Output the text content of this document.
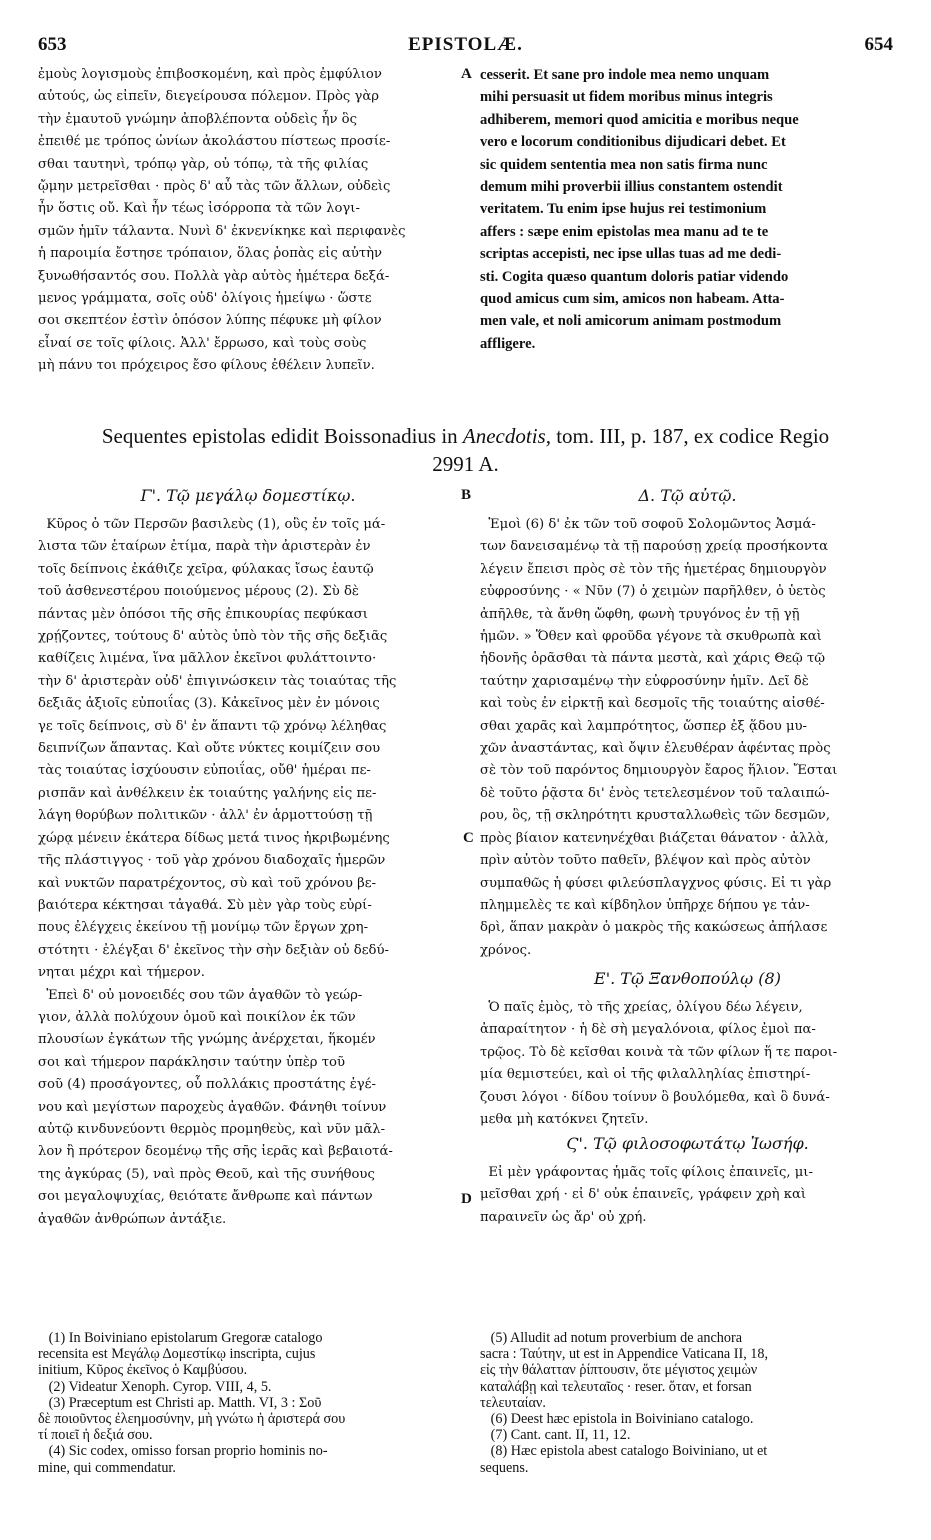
653	EPISTOLÆ.	654

ἐμοὺς λογισμοὺς ἐπιβοσκομένη, καὶ πρὸς ἐμφύλιον

αὐτούς, ὡς εἰπεῖν, διεγείρουσα πόλεμον. Πρὸς γὰρ

τὴν ἐμαυτοῦ γνώμην ἀποβλέποντα οὐδεὶς ἦν ὃς

ἐπειθέ με τρόπος ὠνίων ἀκολάστου πίστεως προσίε-

σθαι ταυτηνὶ, τρόπῳ γὰρ, οὐ τόπῳ, τὰ τῆς φιλίας

ᾤμην μετρεῖσθαι · πρὸς δ' αὖ τὰς τῶν ἄλλων, οὐδεὶς

ἦν ὅστις οὔ. Καὶ ἦν τέως ἰσόρροπα τὰ τῶν λογι-

σμῶν ἡμῖν τάλαντα. Νυνὶ δ' ἐκνενίκηκε καὶ περιφανὲς

ἡ παροιμία ἔστησε τρόπαιον, ὅλας ῥοπὰς εἰς αὐτὴν

ξυνωθήσαντός σου. Πολλὰ γὰρ αὐτὸς ἡμέτερα δεξά-

μενος γράμματα, σοῖς οὐδ' ὀλίγοις ἡμείψω · ὥστε

σοι σκεπτέον ἐστὶν ὁπόσον λύπης πέφυκε μὴ φίλον

εἶναί σε τοῖς φίλοις. Ἀλλ' ἔρρωσο, καὶ τοὺς σοὺς

μὴ πάνυ τοι πρόχειρος ἔσο φίλους ἐθέλειν λυπεῖν.

cesserit. Et sane pro indole mea nemo unquam

mihi persuasit ut fidem moribus minus integris

adhiberem, memori quod amicitia e moribus neque

vero e locorum conditionibus dijudicari debet. Et

sic quidem sententia mea non satis firma nunc

demum mihi proverbii illius constantem ostendit

veritatem. Tu enim ipse hujus rei testimonium

affers : sæpe enim epistolas mea manu ad te te

scriptas accepisti, nec ipse ullas tuas ad me dedi-

sti. Cogita quæso quantum doloris patiar videndo

quod amicus cum sim, amicos non habeam. Atta-

men vale, et noli amicorum animam postmodum

affligere.

A
Sequentes epistolas edidit Boissonadius in Anecdotis, tom. III, p. 187, ex codice Regio
2991 A.
Γ'. Τῷ μεγάλῳ δομεστίκῳ.	B	Δ. Τῷ αὐτῷ.

Κῦρος ὁ τῶν Περσῶν βασιλεὺς (1), οὓς ἐν τοῖς μά-

λιστα τῶν ἑταίρων ἐτίμα, παρὰ τὴν ἀριστερὰν ἐν

τοῖς δείπνοις ἐκάθιζε χεῖρα, φύλακας ἴσως ἑαυτῷ

τοῦ ἀσθενεστέρου ποιούμενος μέρους (2). Σὺ δὲ

πάντας μὲν ὁπόσοι τῆς σῆς ἐπικουρίας πεφύκασι

χρῄζοντες, τούτους δ' αὐτὸς ὑπὸ τὸν τῆς σῆς δεξιᾶς

καθίζεις λιμένα, ἵνα μᾶλλον ἐκεῖνοι φυλάττοιντο·

τὴν δ' ἀριστερὰν οὐδ' ἐπιγινώσκειν τὰς τοιαύτας τῆς

δεξιᾶς ἀξιοῖς εὐποιΐας (3). Κἀκεῖνος μὲν ἐν μόνοις

γε τοῖς δείπνοις, σὺ δ' ἐν ἅπαντι τῷ χρόνῳ λέληθας

δειπνίζων ἅπαντας. Καὶ οὔτε νύκτες κοιμίζειν σου

τὰς τοιαύτας ἰσχύουσιν εὐποιΐας, οὔθ' ἡμέραι πε-

ρισπᾶν καὶ ἀνθέλκειν ἐκ τοιαύτης γαλήνης εἰς πε-

λάγη θορύβων πολιτικῶν · ἀλλ' ἐν ἁρμοττούσῃ τῇ

χώρᾳ μένειν ἑκάτερα δίδως μετά τινος ἠκριβωμένης

τῆς πλάστιγγος · τοῦ γὰρ χρόνου διαδοχαῖς ἡμερῶν

καὶ νυκτῶν παρατρέχοντος, σὺ καὶ τοῦ χρόνου βε-

βαιότερα κέκτησαι τἀγαθά. Σὺ μὲν γὰρ τοὺς εὐρί-

πους ἐλέγχεις ἐκείνου τῇ μονίμῳ τῶν ἔργων χρη-

στότητι · ἐλέγξαι δ' ἐκεῖνος τὴν σὴν δεξιὰν οὐ δεδύ-

νηται μέχρι καὶ τήμερον.

Ἐπεὶ δ' οὐ μονοειδές σου τῶν ἀγαθῶν τὸ γεώρ-

γιον, ἀλλὰ πολύχουν ὁμοῦ καὶ ποικίλον ἐκ τῶν

πλουσίων ἐγκάτων τῆς γνώμης ἀνέρχεται, ἥκομέν

σοι καὶ τήμερον παράκλησιν ταύτην ὑπὲρ τοῦ

σοῦ (4) προσάγοντες, οὗ πολλάκις προστάτης ἐγέ-

νου καὶ μεγίστων παροχεὺς ἀγαθῶν. Φάνηθι τοίνυν

αὐτῷ κινδυνεύοντι θερμὸς προμηθεὺς, καὶ νῦν μᾶλ-

λον ἢ πρότερον δεομένῳ τῆς σῆς ἱερᾶς καὶ βεβαιοτά-

της ἀγκύρας (5), ναὶ πρὸς Θεοῦ, καὶ τῆς συνήθους

σοι μεγαλοψυχίας, θειότατε ἄνθρωπε καὶ πάντων

ἀγαθῶν ἀνθρώπων ἀντάξιε.

Ἐμοὶ (6) δ' ἐκ τῶν τοῦ σοφοῦ Σολομῶντος Ἀσμά-

των δανεισαμένῳ τὰ τῇ παρούσῃ χρείᾳ προσήκοντα

λέγειν ἔπεισι πρὸς σὲ τὸν τῆς ἡμετέρας δημιουργὸν

εὐφροσύνης · « Νῦν (7) ὁ χειμὼν παρῆλθεν, ὁ ὑετὸς

ἀπῆλθε, τὰ ἄνθη ὤφθη, φωνὴ τρυγόνος ἐν τῇ γῇ

ἡμῶν. » Ὅθεν καὶ φροῦδα γέγονε τὰ σκυθρωπὰ καὶ

ἡδονῆς ὁρᾶσθαι τὰ πάντα μεστὰ, καὶ χάρις Θεῷ τῷ

ταύτην χαρισαμένῳ τὴν εὐφροσύνην ἡμῖν. Δεῖ δὲ

καὶ τοὺς ἐν εἱρκτῇ καὶ δεσμοῖς τῆς τοιαύτης αἰσθέ-

σθαι χαρᾶς καὶ λαμπρότητος, ὥσπερ ἐξ ᾅδου μυ-

χῶν ἀναστάντας, καὶ ὄψιν ἐλευθέραν ἀφέντας πρὸς

σὲ τὸν τοῦ παρόντος δημιουργὸν ἔαρος ἥλιον. Ἔσται

δὲ τοῦτο ῥᾷστα δι' ἑνὸς τετελεσμένον τοῦ ταλαιπώ-

ρου, ὃς, τῇ σκληρότητι κρυσταλλωθεὶς τῶν δεσμῶν,

πρὸς βίαιον κατενηνέχθαι βιάζεται θάνατον · ἀλλὰ,

πρὶν αὐτὸν τοῦτο παθεῖν, βλέψον καὶ πρὸς αὐτὸν

συμπαθῶς ἡ φύσει φιλεύσπλαγχνος φύσις. Εἰ τι γὰρ

πλημμελὲς τε καὶ κίβδηλον ὑπῆρχε δήπου γε τἀν-

δρὶ, ἅπαν μακρὰν ὁ μακρὸς τῆς κακώσεως ἀπήλασε

χρόνος.

C
Ε'. Τῷ Ξανθοπούλῳ (8)

Ὁ παῖς ἐμὸς, τὸ τῆς χρείας, ὀλίγου δέω λέγειν,

ἀπαραίτητον · ἡ δὲ σὴ μεγαλόνοια, φίλος ἐμοὶ πα-

τρῷος. Τὸ δὲ κεῖσθαι κοινὰ τὰ τῶν φίλων ἥ τε παροι-

μία θεμιστεύει, καὶ οἱ τῆς φιλαλληλίας ἐπιστηρί-

ζουσι λόγοι · δίδου τοίνυν ὃ βουλόμεθα, καὶ ὃ δυνά-

μεθα μὴ κατόκνει ζητεῖν.

Ϛ'. Τῷ φιλοσοφωτάτῳ Ἰωσήφ.
D

Εἰ μὲν γράφοντας ἡμᾶς τοῖς φίλοις ἐπαινεῖς, μι-

μεῖσθαι χρή · εἰ δ' οὐκ ἐπαινεῖς, γράφειν χρὴ καὶ

παραινεῖν ὡς ἄρ' οὐ χρή.

(1) In Boiviniano epistolarum Gregoræ catalogo

recensita est Μεγάλῳ Δομεστίκῳ inscripta, cujus

initium, Κῦρος ἐκεῖνος ὁ Καμβύσου.

(2) Videatur Xenoph. Cyrop. VIII, 4, 5.

(3) Præceptum est Christi ap. Matth. VI, 3 : Σοῦ

δὲ ποιοῦντος ἐλεημοσύνην, μὴ γνώτω ἡ ἀριστερά σου

τί ποιεῖ ἡ δεξιά σου.

(4) Sic codex, omisso forsan proprio hominis no-

mine, qui commendatur.

(5) Alludit ad notum proverbium de anchora

sacra : Ταύτην, ut est in Appendice Vaticana II, 18,

εἰς τὴν θάλατταν ῥίπτουσιν, ὅτε μέγιστος χειμὼν

καταλάβῃ καὶ τελευταῖος · reser. ὅταν, et forsan

τελευταίαν.

(6) Deest hæc epistola in Boiviniano catalogo.

(7) Cant. cant. II, 11, 12.

(8) Hæc epistola abest catalogo Boiviniano, ut et

sequens.
